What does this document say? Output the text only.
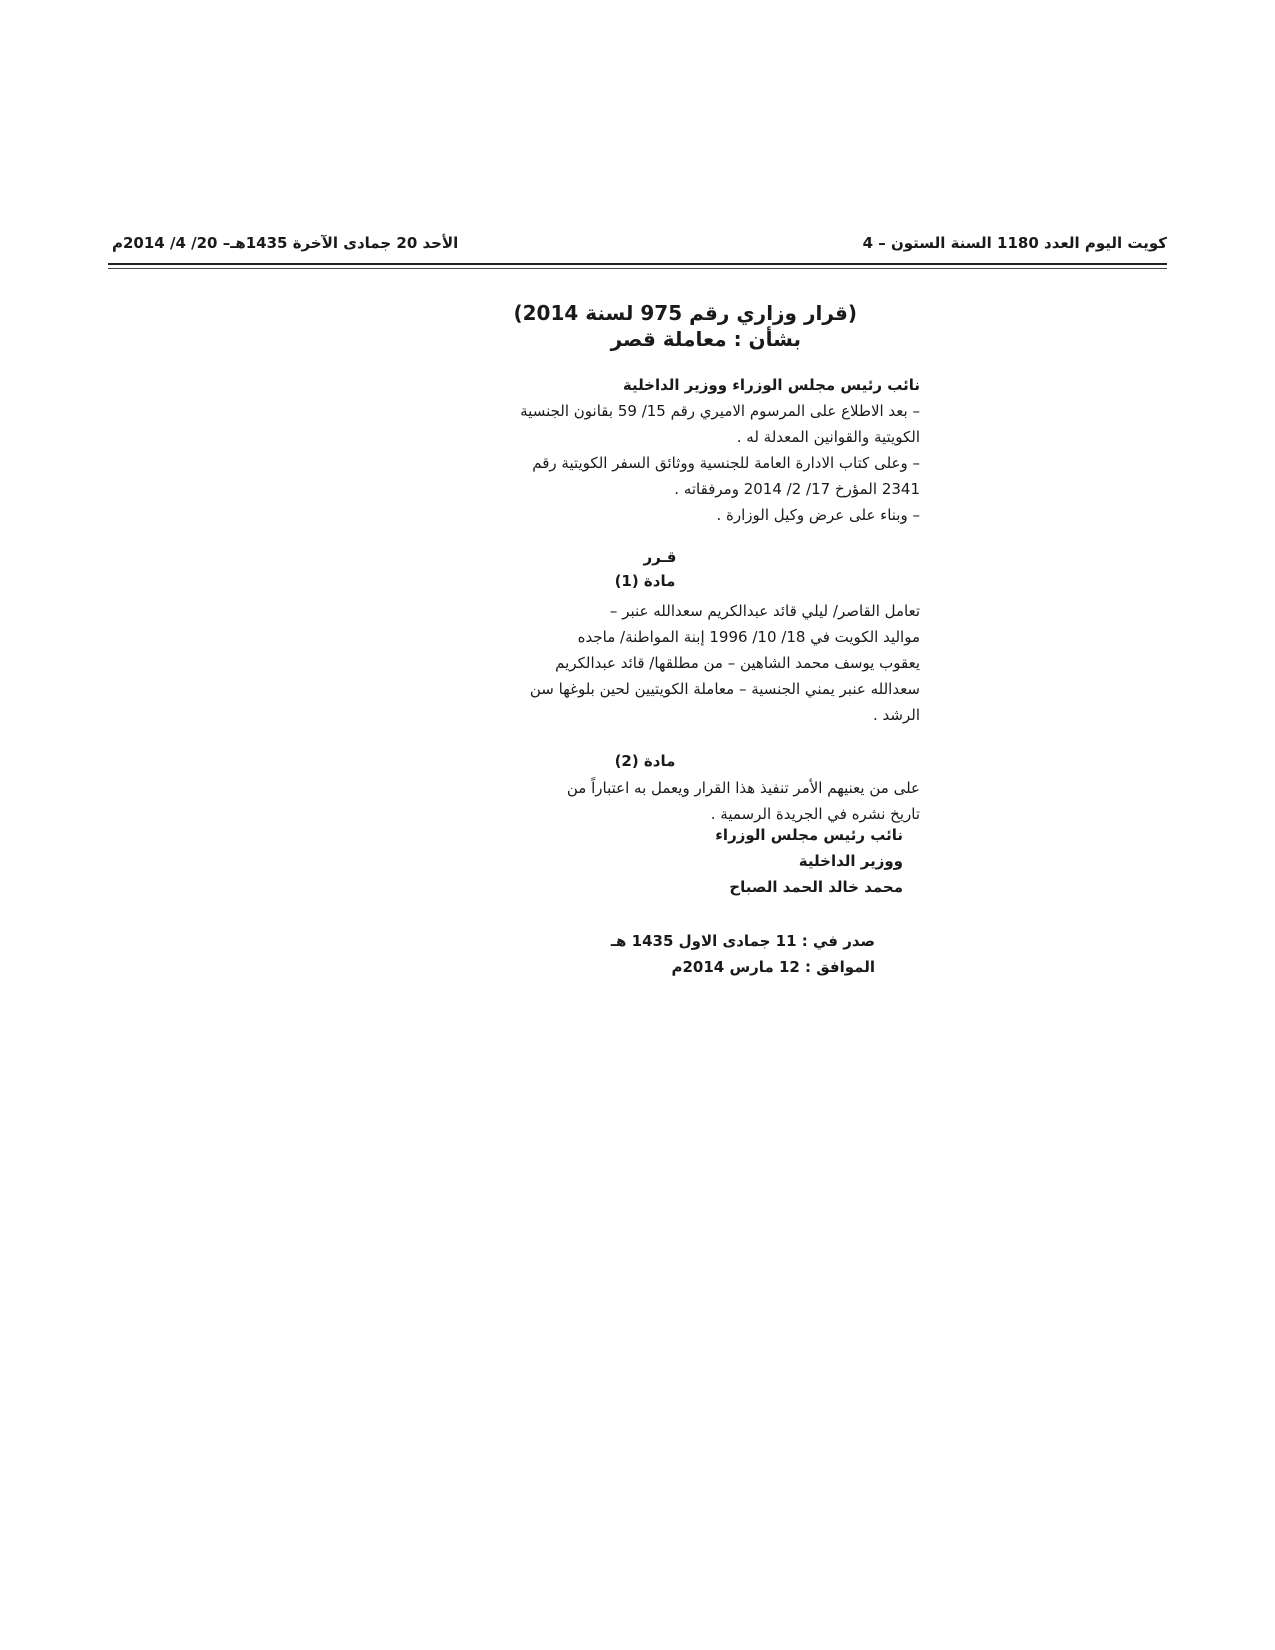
كويت اليوم العدد 1180 السنة الستون – 4
الأحد 20 جمادى الآخرة 1435هـ– 20/ 4/ 2014م
(قرار وزاري رقم 975 لسنة 2014)
بشأن : معاملة قصر
نائب رئيس مجلس الوزراء ووزير الداخلية
– بعد الاطلاع على المرسوم الاميري رقم 15/ 59 بقانون الجنسية
الكويتية والقوانين المعدلة له .
– وعلى كتاب الادارة العامة للجنسية ووثائق السفر الكويتية رقم
2341 المؤرخ 17/ 2/ 2014 ومرفقاته .
– وبناء على عرض وكيل الوزارة .
قـرر
مادة (1)
تعامل القاصر/ ليلي قائد عبدالكريم سعدالله عنبر –
مواليد الكويت في 18/ 10/ 1996 إبنة المواطنة/ ماجده
يعقوب يوسف محمد الشاهين – من مطلقها/ قائد عبدالكريم
سعدالله عنبر يمني الجنسية – معاملة الكويتيين لحين بلوغها سن
الرشد .
مادة (2)
على من يعنيهم الأمر تنفيذ هذا القرار ويعمل به اعتباراً من
تاريخ نشره في الجريدة الرسمية .
نائب رئيس مجلس الوزراء
ووزير الداخلية
محمد خالد الحمد الصباح
صدر في : 11 جمادى الاول 1435 هـ
الموافق : 12 مارس 2014م
